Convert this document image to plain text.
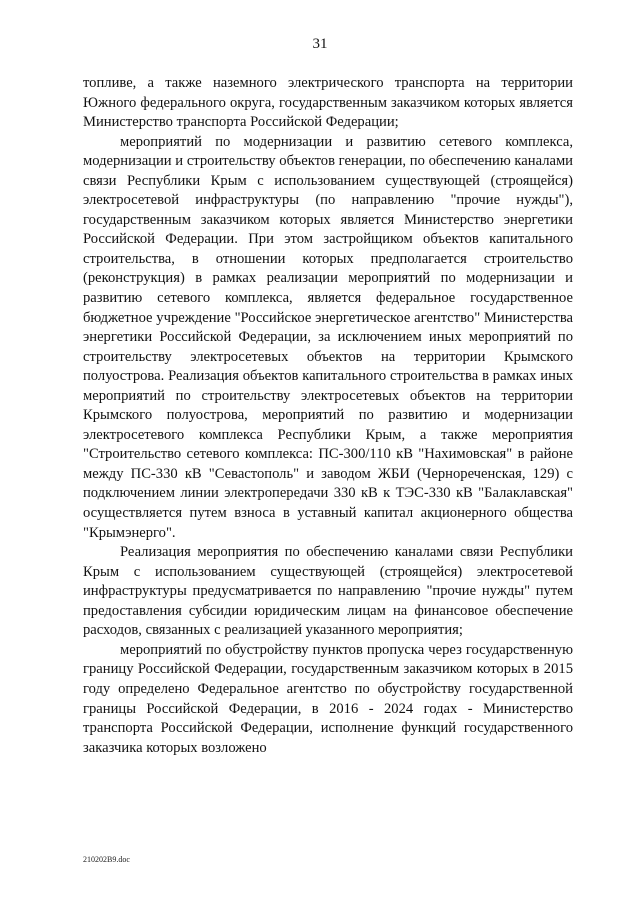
31

топливе, а также наземного электрического транспорта на территории Южного федерального округа, государственным заказчиком которых является Министерство транспорта Российской Федерации;

мероприятий по модернизации и развитию сетевого комплекса, модернизации и строительству объектов генерации, по обеспечению каналами связи Республики Крым с использованием существующей (строящейся) электросетевой инфраструктуры (по направлению "прочие нужды"), государственным заказчиком которых является Министерство энергетики Российской Федерации. При этом застройщиком объектов капитального строительства, в отношении которых предполагается строительство (реконструкция) в рамках реализации мероприятий по модернизации и развитию сетевого комплекса, является федеральное государственное бюджетное учреждение "Российское энергетическое агентство" Министерства энергетики Российской Федерации, за исключением иных мероприятий по строительству электросетевых объектов на территории Крымского полуострова. Реализация объектов капитального строительства в рамках иных мероприятий по строительству электросетевых объектов на территории Крымского полуострова, мероприятий по развитию и модернизации электросетевого комплекса Республики Крым, а также мероприятия "Строительство сетевого комплекса: ПС-300/110 кВ "Нахимовская" в районе между ПС-330 кВ "Севастополь" и заводом ЖБИ (Чернореченская, 129) с подключением линии электропередачи 330 кВ к ТЭС-330 кВ "Балаклавская" осуществляется путем взноса в уставный капитал акционерного общества "Крымэнерго".

Реализация мероприятия по обеспечению каналами связи Республики Крым с использованием существующей (строящейся) электросетевой инфраструктуры предусматривается по направлению "прочие нужды" путем предоставления субсидии юридическим лицам на финансовое обеспечение расходов, связанных с реализацией указанного мероприятия;

мероприятий по обустройству пунктов пропуска через государственную границу Российской Федерации, государственным заказчиком которых в 2015 году определено Федеральное агентство по обустройству государственной границы Российской Федерации, в 2016 - 2024 годах - Министерство транспорта Российской Федерации, исполнение функций государственного заказчика которых возложено

210202B9.doc
